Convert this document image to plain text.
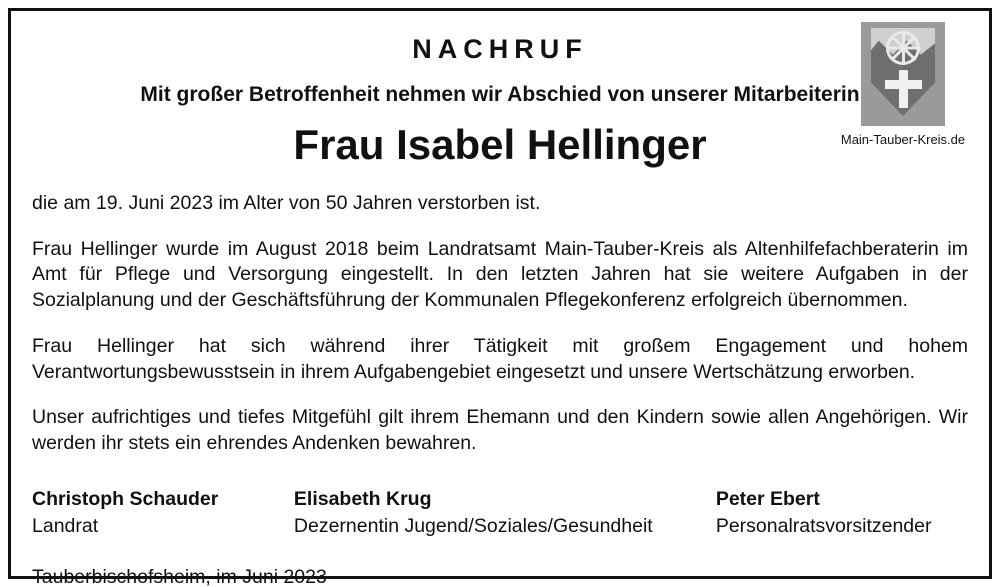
Main-Tauber-Kreis.de
NACHRUF
Mit großer Betroffenheit nehmen wir Abschied von unserer Mitarbeiterin
Frau Isabel Hellinger
die am 19. Juni 2023 im Alter von 50 Jahren verstorben ist.
Frau Hellinger wurde im August 2018 beim Landratsamt Main-Tauber-Kreis als Altenhilfefachberaterin im Amt für Pflege und Versorgung eingestellt. In den letzten Jahren hat sie weitere Aufgaben in der Sozialplanung und der Geschäftsführung der Kommunalen Pflegekonferenz erfolgreich übernommen.
Frau Hellinger hat sich während ihrer Tätigkeit mit großem Engagement und hohem Verantwortungsbewusstsein in ihrem Aufgabengebiet eingesetzt und unsere Wertschätzung erworben.
Unser aufrichtiges und tiefes Mitgefühl gilt ihrem Ehemann und den Kindern sowie allen Angehörigen. Wir werden ihr stets ein ehrendes Andenken bewahren.
Christoph Schauder
Landrat
Elisabeth Krug
Dezernentin Jugend/Soziales/Gesundheit
Peter Ebert
Personalratsvorsitzender
Tauberbischofsheim, im Juni 2023
